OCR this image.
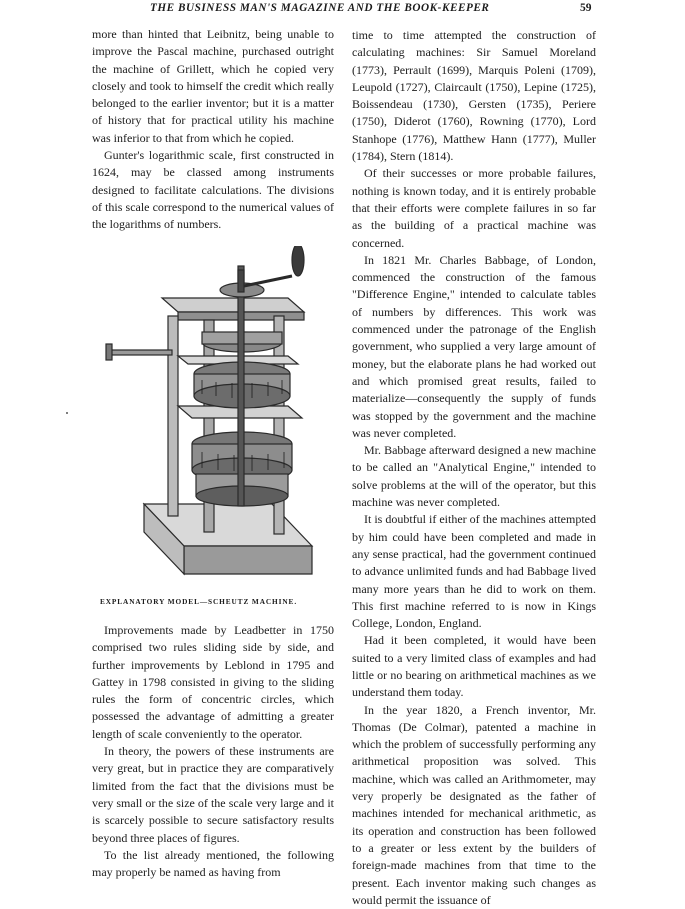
THE BUSINESS MAN'S MAGAZINE AND THE BOOK-KEEPER	59

more than hinted that Leibnitz, being unable to improve the Pascal machine, purchased outright the machine of Grillett, which he copied very closely and took to himself the credit which really belonged to the earlier inventor; but it is a matter of history that for practical utility his machine was inferior to that from which he copied.

Gunter's logarithmic scale, first constructed in 1624, may be classed among instruments designed to facilitate calculations. The divisions of this scale correspond to the numerical values of the logarithms of numbers.

EXPLANATORY MODEL—SCHEUTZ MACHINE.

Improvements made by Leadbetter in 1750 comprised two rules sliding side by side, and further improvements by Leblond in 1795 and Gattey in 1798 consisted in giving to the sliding rules the form of concentric circles, which possessed the advantage of admitting a greater length of scale conveniently to the operator.

In theory, the powers of these instruments are very great, but in practice they are comparatively limited from the fact that the divisions must be very small or the size of the scale very large and it is scarcely possible to secure satisfactory results beyond three places of figures.

To the list already mentioned, the following may properly be named as having from

time to time attempted the construction of calculating machines: Sir Samuel Moreland (1773), Perrault (1699), Marquis Poleni (1709), Leupold (1727), Claircault (1750), Lepine (1725), Boissendeau (1730), Gersten (1735), Periere (1750), Diderot (1760), Rowning (1770), Lord Stanhope (1776), Matthew Hann (1777), Muller (1784), Stern (1814).

Of their successes or more probable failures, nothing is known today, and it is entirely probable that their efforts were complete failures in so far as the building of a practical machine was concerned.

In 1821 Mr. Charles Babbage, of London, commenced the construction of the famous "Difference Engine," intended to calculate tables of numbers by differences. This work was commenced under the patronage of the English government, who supplied a very large amount of money, but the elaborate plans he had worked out and which promised great results, failed to materialize—consequently the supply of funds was stopped by the government and the machine was never completed.

Mr. Babbage afterward designed a new machine to be called an "Analytical Engine," intended to solve problems at the will of the operator, but this machine was never completed.

It is doubtful if either of the machines attempted by him could have been completed and made in any sense practical, had the government continued to advance unlimited funds and had Babbage lived many more years than he did to work on them. This first machine referred to is now in Kings College, London, England.

Had it been completed, it would have been suited to a very limited class of examples and had little or no bearing on arithmetical machines as we understand them today.

In the year 1820, a French inventor, Mr. Thomas (De Colmar), patented a machine in which the problem of successfully performing any arithmetical proposition was solved. This machine, which was called an Arithmometer, may very properly be designated as the father of machines intended for mechanical arithmetic, as its operation and construction has been followed to a greater or less extent by the builders of foreign-made machines from that time to the present. Each inventor making such changes as would permit the issuance of
